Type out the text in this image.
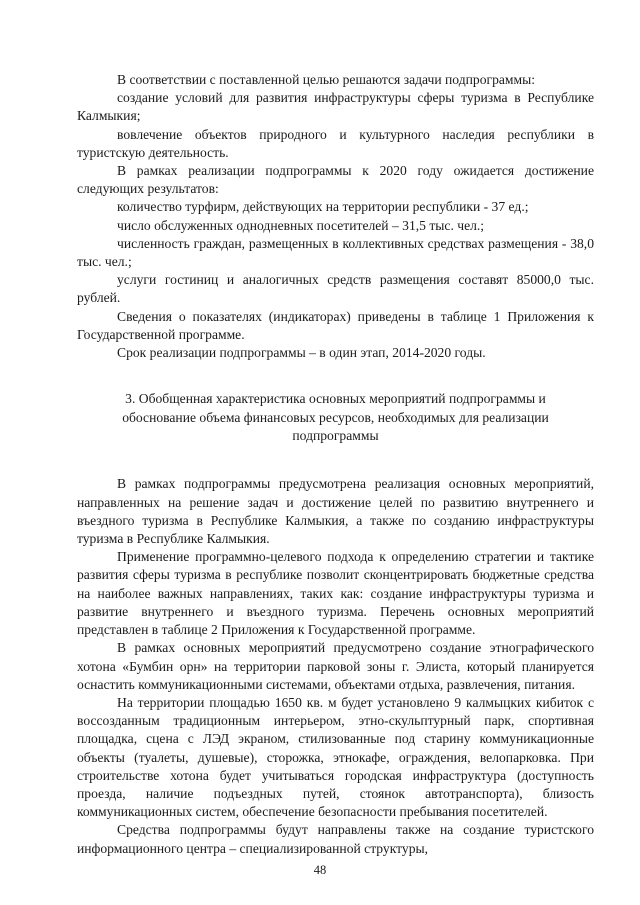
В соответствии с поставленной целью решаются задачи подпрограммы:

создание условий для развития инфраструктуры сферы туризма в Республике Калмыкия;

вовлечение объектов природного и культурного наследия республики в туристскую деятельность.

В рамках реализации подпрограммы к 2020 году ожидается достижение следующих результатов:

количество турфирм, действующих на территории республики - 37 ед.;

число обслуженных однодневных посетителей – 31,5 тыс. чел.;

численность граждан, размещенных в коллективных средствах размещения - 38,0 тыс. чел.;

услуги гостиниц и аналогичных средств размещения составят 85000,0 тыс. рублей.

Сведения о показателях (индикаторах) приведены в таблице 1 Приложения к Государственной программе.

Срок реализации подпрограммы – в один этап, 2014-2020 годы.

3. Обобщенная характеристика основных мероприятий подпрограммы и
обоснование объема финансовых ресурсов, необходимых для реализации
подпрограммы

В рамках подпрограммы предусмотрена реализация основных мероприятий, направленных на решение задач и достижение целей по развитию внутреннего и въездного туризма в Республике Калмыкия, а также по созданию инфраструктуры туризма в Республике Калмыкия.

Применение программно-целевого подхода к определению стратегии и тактике развития сферы туризма в республике позволит сконцентрировать бюджетные средства на наиболее важных направлениях, таких как: создание инфраструктуры туризма и развитие внутреннего и въездного туризма. Перечень основных мероприятий представлен в таблице 2 Приложения к Государственной программе.

В рамках основных мероприятий предусмотрено создание этнографического хотона «Бумбин орн» на территории парковой зоны г. Элиста, который планируется оснастить коммуникационными системами, объектами отдыха, развлечения, питания.

На территории площадью 1650 кв. м будет установлено 9 калмыцких кибиток с воссозданным традиционным интерьером, этно-скульптурный парк, спортивная площадка, сцена с ЛЭД экраном, стилизованные под старину коммуникационные объекты (туалеты, душевые), сторожка, этнокафе, ограждения, велопарковка. При строительстве хотона будет учитываться городская инфраструктура (доступность проезда, наличие подъездных путей, стоянок автотранспорта), близость коммуникационных систем, обеспечение безопасности пребывания посетителей.

Средства подпрограммы будут направлены также на создание туристского информационного центра – специализированной структуры,

48
